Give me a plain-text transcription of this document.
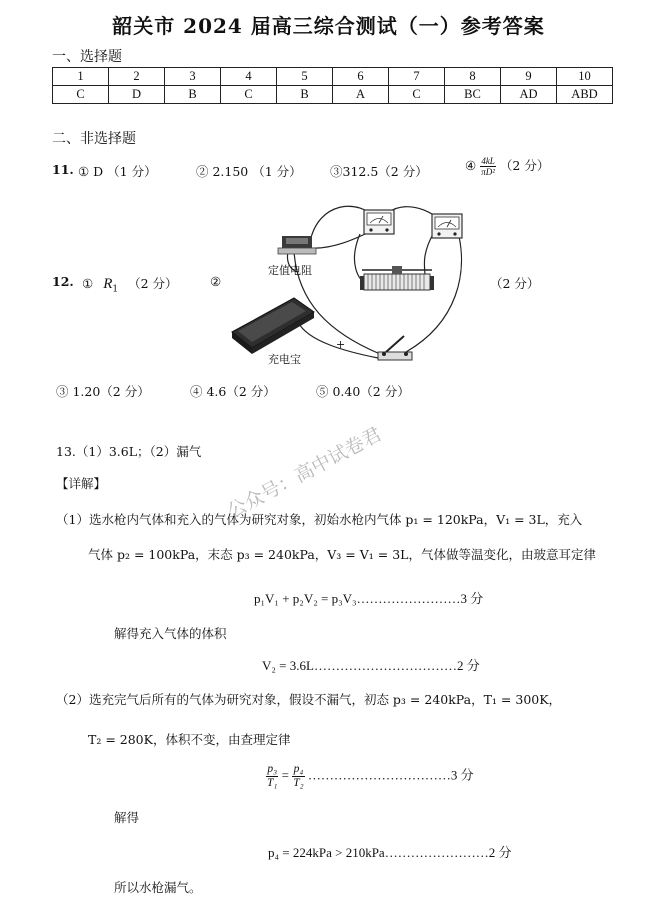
韶关市 2024 届高三综合测试（一）参考答案
一、选择题
1	2	3	4	5	6	7	8	9	10
C	D	B	C	B	A	C	BC	AD	ABD
二、非选择题
11. ① D （1 分）	② 2.150 （1 分） ③312.5（2 分）	④ $\frac{4kL}{\text{πD²}} (2$ 分）
12. ① $R_1$ （2 分）	②	（2 分）
定值电阻
充电宝
+
③ 1.20（2 分）	④ 4.6（2 分）	⑤ 0.40（2 分）
13.（1）3.6L；（2）漏气
【详解】
（1）选水枪内气体和充入的气体为研究对象，初始水枪内气体 p₁ = 120kPa，V₁ = 3L，充入
气体 p₂ = 100kPa，末态 p₃ = 240kPa，V₃ = V₁ = 3L，气体做等温变化，由玻意耳定律
p₁V₁ + p₂V₂ = p₃V₃……………………3 分
解得充入气体的体积
V₂ = 3.6L……………………………2 分
（2）选充完气后所有的气体为研究对象，假设不漏气，初态 p₃ = 240kPa，T₁ = 300K，
T₂ = 280K，体积不变，由查理定律
$\frac{\text{p₃}}{\text{T₁}} = \frac{\text{p₄}}{\text{T₂}}$ ……………………………3 分
解得
p₄ = 224kPa > 210kPa……………………2 分
所以水枪漏气。
公众号：高中试卷君
